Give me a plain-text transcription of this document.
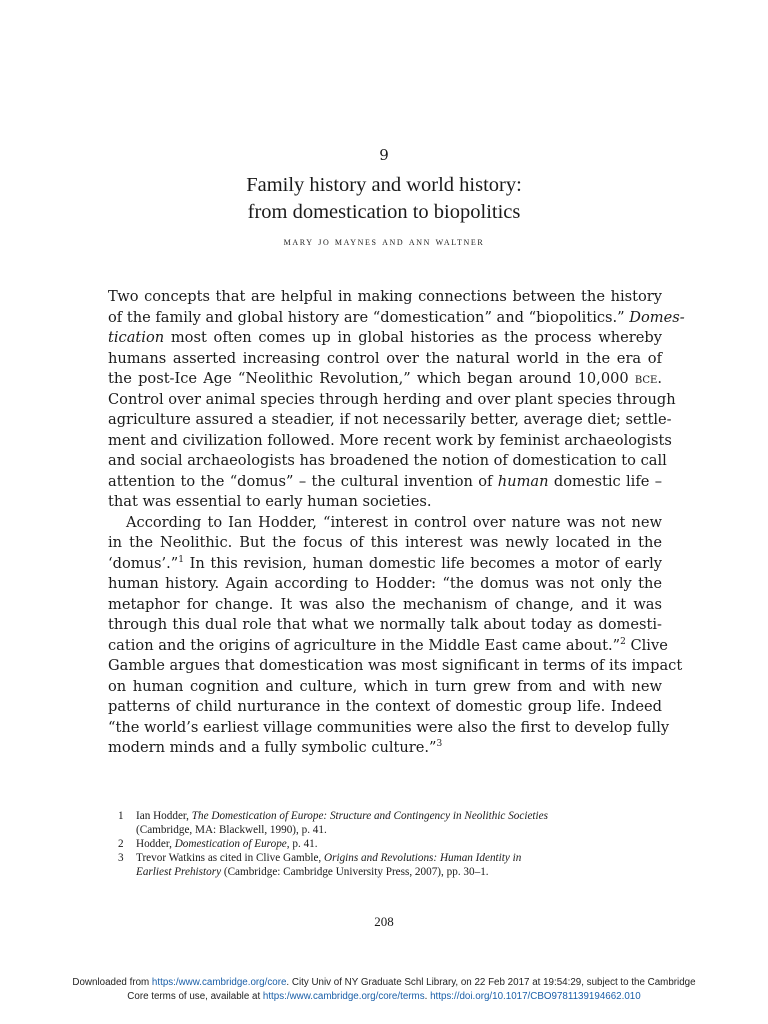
9
Family history and world history:
from domestication to biopolitics
mary jo maynes and ann waltner
Two concepts that are helpful in making connections between the history
of the family and global history are “domestication” and “biopolitics.” Domes-
tication most often comes up in global histories as the process whereby
humans asserted increasing control over the natural world in the era of
the post-Ice Age “Neolithic Revolution,” which began around 10,000 bce.
Control over animal species through herding and over plant species through
agriculture assured a steadier, if not necessarily better, average diet; settle-
ment and civilization followed. More recent work by feminist archaeologists
and social archaeologists has broadened the notion of domestication to call
attention to the “domus” – the cultural invention of human domestic life –
that was essential to early human societies.
According to Ian Hodder, “interest in control over nature was not new
in the Neolithic. But the focus of this interest was newly located in the
‘domus’.”$^1$ In this revision, human domestic life becomes a motor of early
human history. Again according to Hodder: “the domus was not only the
metaphor for change. It was also the mechanism of change, and it was
through this dual role that what we normally talk about today as domesti-
cation and the origins of agriculture in the Middle East came about.”$^2$ Clive
Gamble argues that domestication was most significant in terms of its impact
on human cognition and culture, which in turn grew from and with new
patterns of child nurturance in the context of domestic group life. Indeed
“the world’s earliest village communities were also the first to develop fully
modern minds and a fully symbolic culture.”$^3$
1 Ian Hodder, The Domestication of Europe: Structure and Contingency in Neolithic Societies
(Cambridge, MA: Blackwell, 1990), p. 41.
2 Hodder, Domestication of Europe, p. 41.
3 Trevor Watkins as cited in Clive Gamble, Origins and Revolutions: Human Identity in
Earliest Prehistory (Cambridge: Cambridge University Press, 2007), pp. 30–1.
208
Downloaded from https:/www.cambridge.org/core. City Univ of NY Graduate Schl Library, on 22 Feb 2017 at 19:54:29, subject to the Cambridge
Core terms of use, available at https:/www.cambridge.org/core/terms. https://doi.org/10.1017/CBO9781139194662.010
